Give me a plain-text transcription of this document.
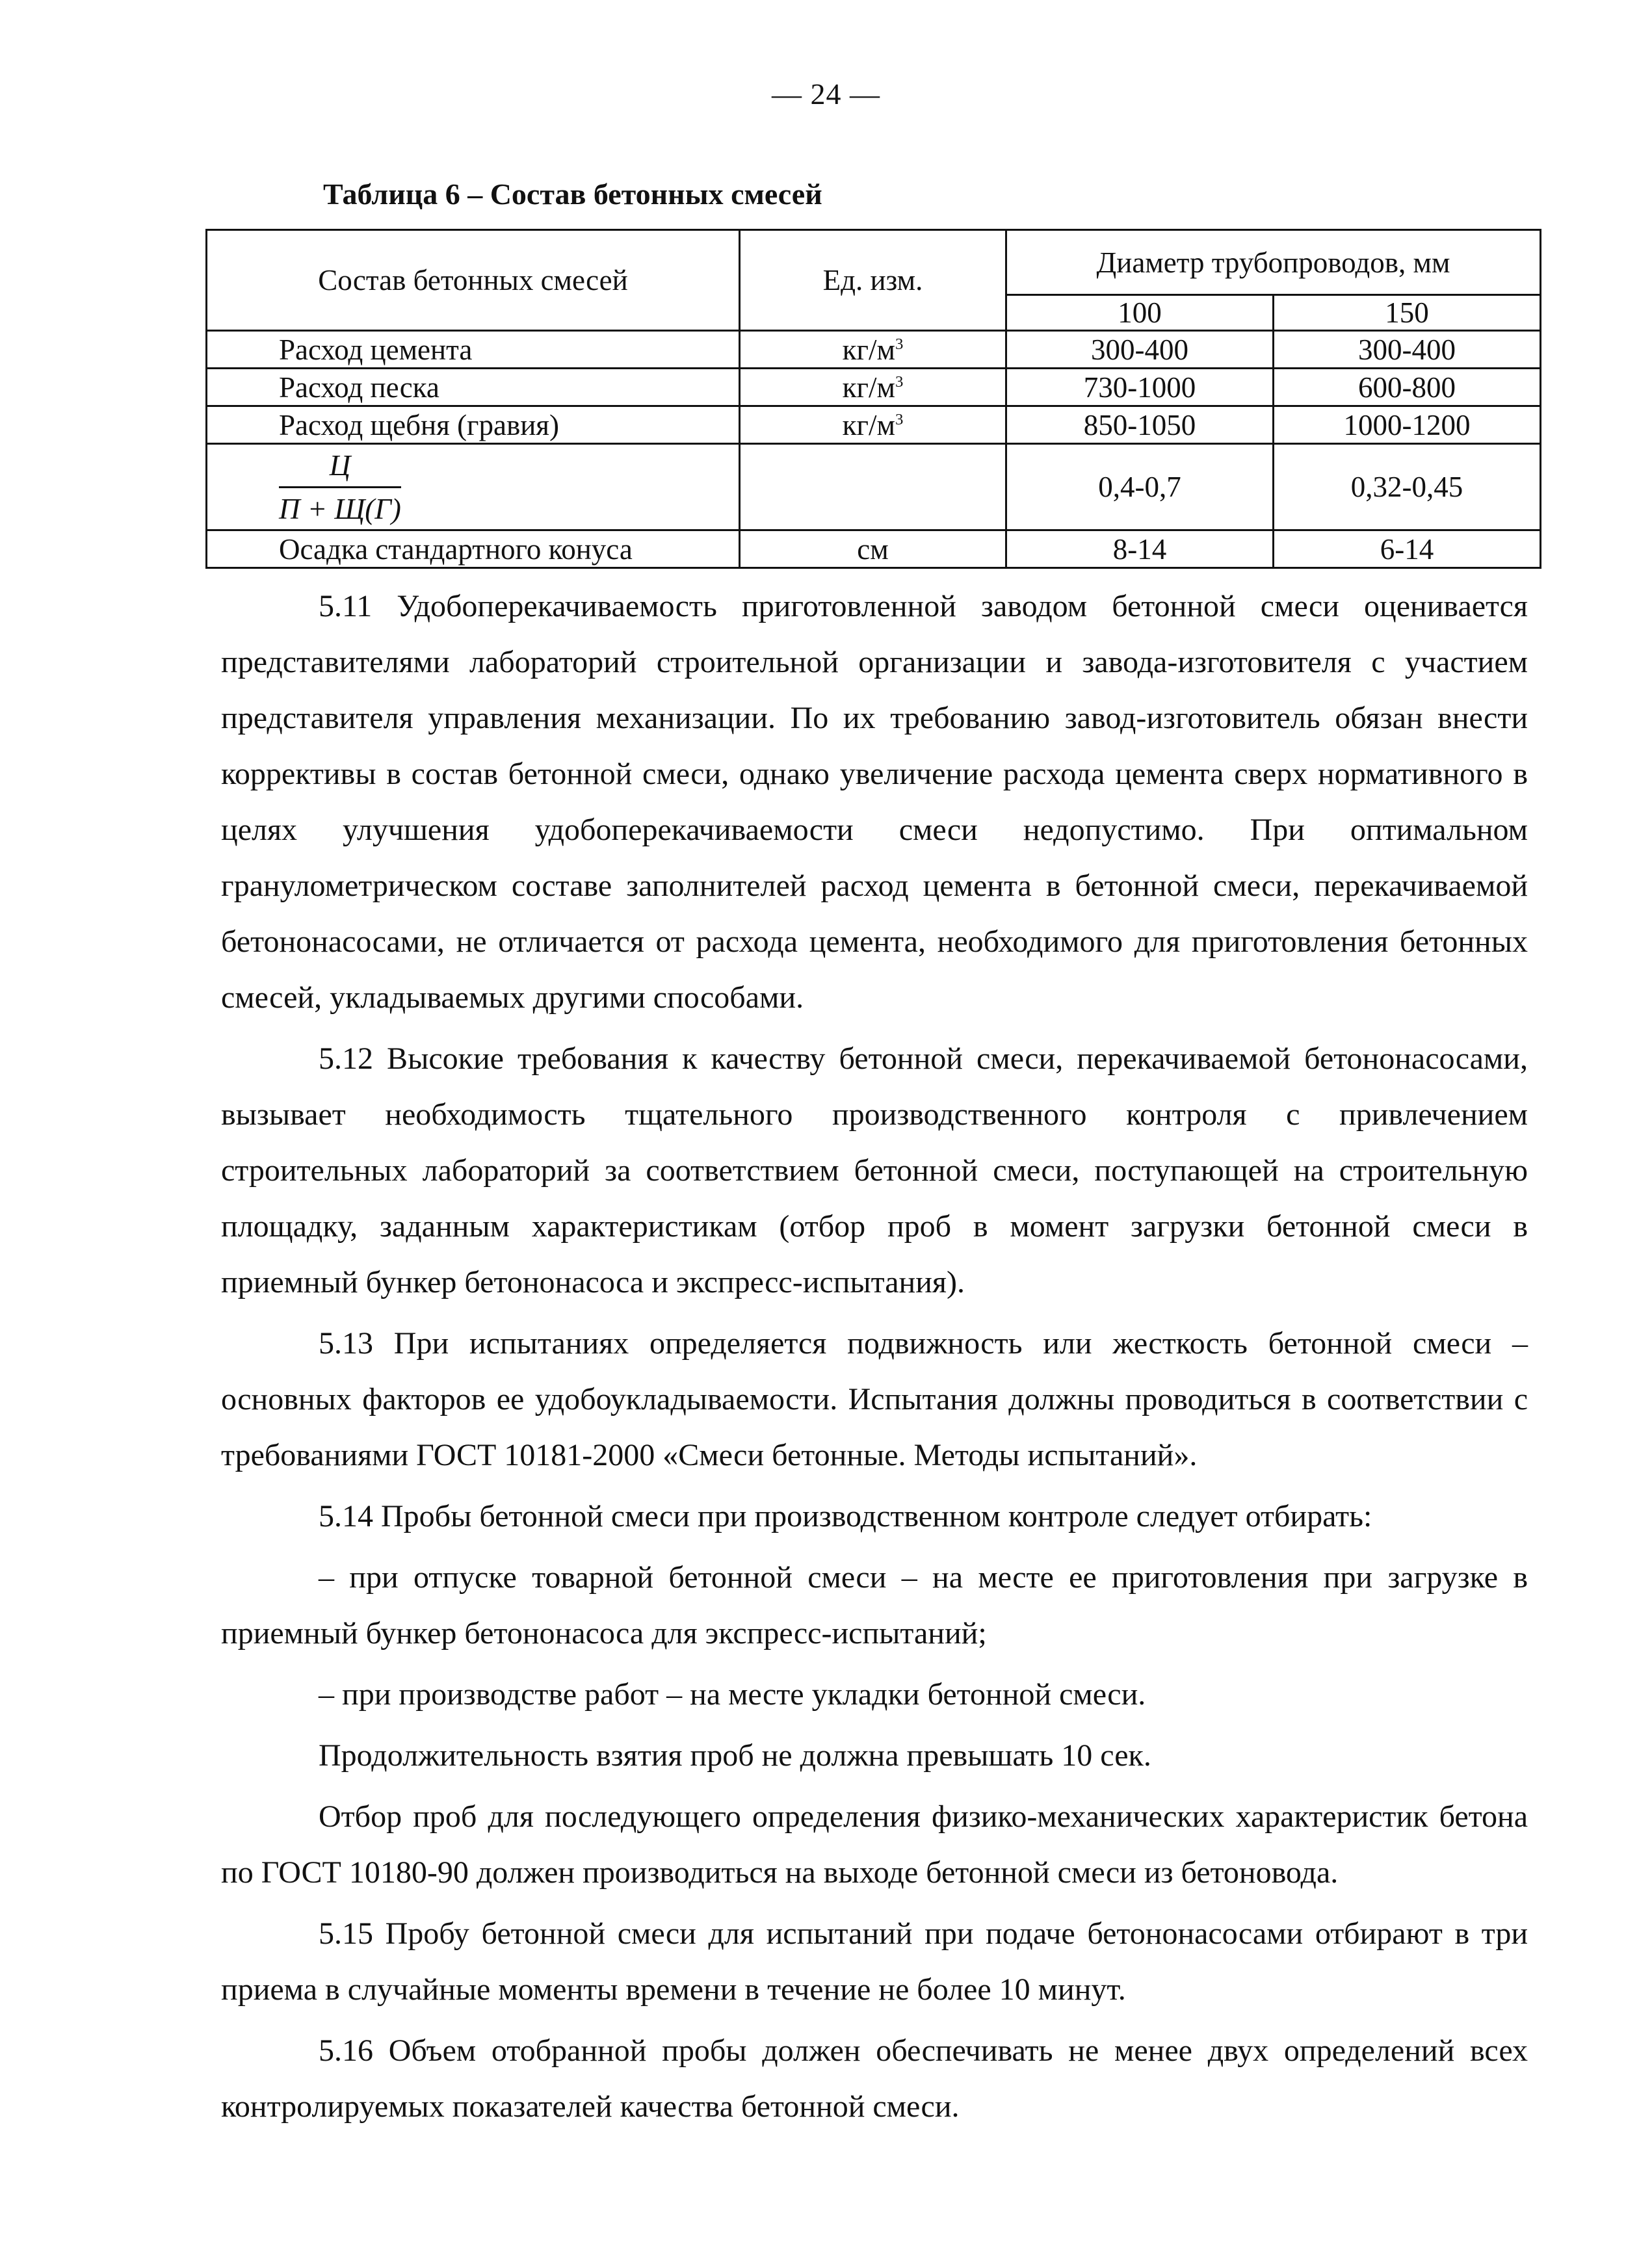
— 24 —
Таблица 6 – Состав бетонных смесей
Состав бетонных смесей	Ед. изм.	Диаметр трубопроводов, мм	
		100	150
Расход цемента	$кг/м^3$	300-400	300-400
Расход песка	$кг/м^3$	730-1000	600-800
Расход щебня (гравия)	$кг/м^3$	850-1050	1000-1200

$\frac{Ц}{П + Щ(Г)}$		0,4-0,7	0,32-0,45
Осадка стандартного конуса	см	8-14	6-14

5.11 Удобоперекачиваемость приготовленной заводом бетонной смеси оценивается представителями лабораторий строительной организации и завода-изготовителя с участием представителя управления механизации. По их требованию завод-изготовитель обязан внести коррективы в состав бетонной смеси, однако увеличение расхода цемента сверх нормативного в целях улучшения удобоперекачиваемости смеси недопустимо. При оптимальном гранулометрическом составе заполнителей расход цемента в бетонной смеси, перекачиваемой бетононасосами, не отличается от расхода цемента, необходимого для приготовления бетонных смесей, укладываемых другими способами.

5.12 Высокие требования к качеству бетонной смеси, перекачиваемой бетононасосами, вызывает необходимость тщательного производственного контроля с привлечением строительных лабораторий за соответствием бетонной смеси, поступающей на строительную площадку, заданным характеристикам (отбор проб в момент загрузки бетонной смеси в приемный бункер бетононасоса и экспресс-испытания).

5.13 При испытаниях определяется подвижность или жесткость бетонной смеси – основных факторов ее удобоукладываемости. Испытания должны проводиться в соответствии с требованиями ГОСТ 10181-2000 «Смеси бетонные. Методы испытаний».

5.14 Пробы бетонной смеси при производственном контроле следует отбирать:

– при отпуске товарной бетонной смеси – на месте ее приготовления при загрузке в приемный бункер бетононасоса для экспресс-испытаний;

– при производстве работ – на месте укладки бетонной смеси.

Продолжительность взятия проб не должна превышать 10 сек.

Отбор проб для последующего определения физико-механических характеристик бетона по ГОСТ 10180-90 должен производиться на выходе бетонной смеси из бетоновода.

5.15 Пробу бетонной смеси для испытаний при подаче бетононасосами отбирают в три приема в случайные моменты времени в течение не более 10 минут.

5.16 Объем отобранной пробы должен обеспечивать не менее двух определений всех контролируемых показателей качества бетонной смеси.
